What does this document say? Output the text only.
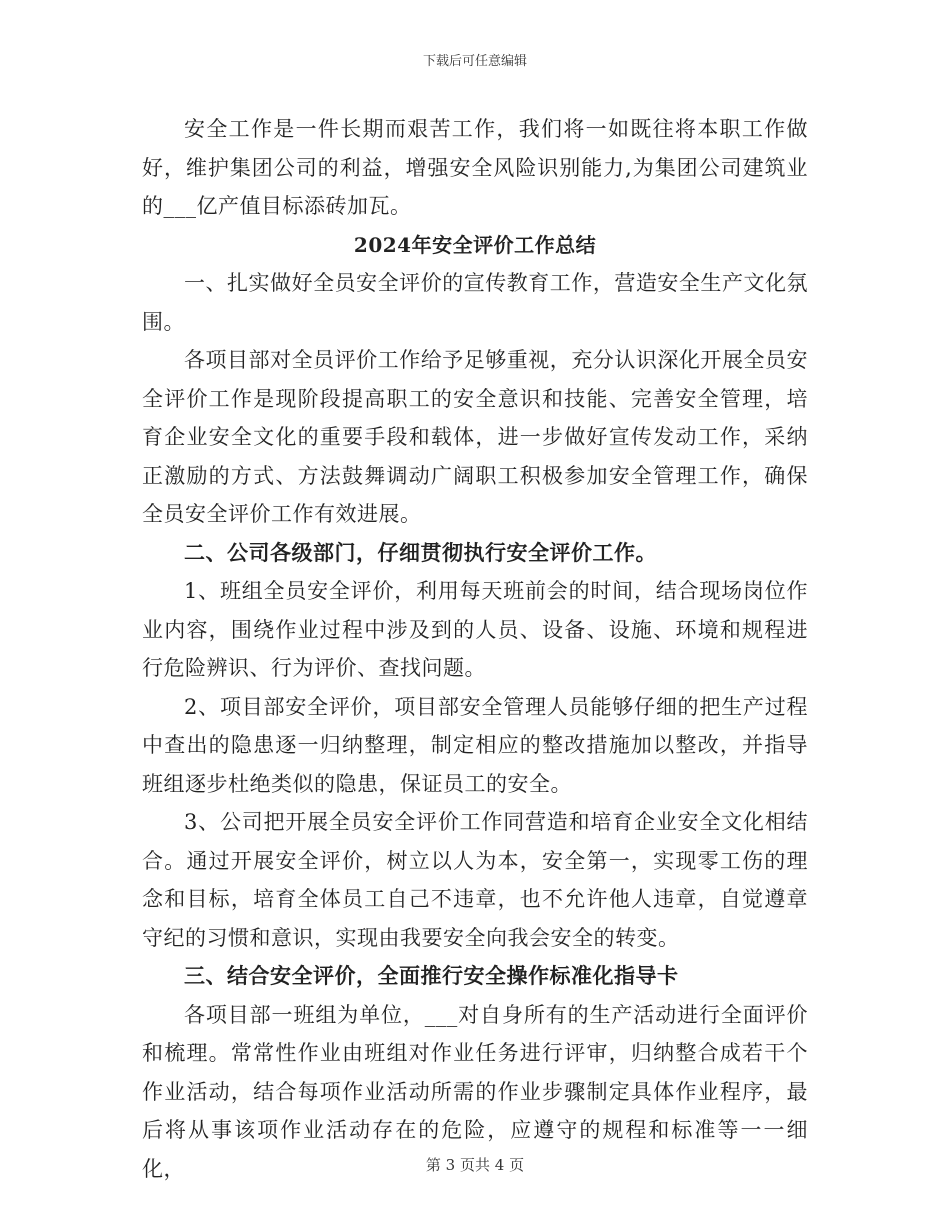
下载后可任意编辑

安全工作是一件长期而艰苦工作，我们将一如既往将本职工作做好，维护集团公司的利益，增强安全风险识别能力,为集团公司建筑业的___亿产值目标添砖加瓦。

2024年安全评价工作总结

一、扎实做好全员安全评价的宣传教育工作，营造安全生产文化氛围。

各项目部对全员评价工作给予足够重视，充分认识深化开展全员安全评价工作是现阶段提高职工的安全意识和技能、完善安全管理，培育企业安全文化的重要手段和载体，进一步做好宣传发动工作，采纳正激励的方式、方法鼓舞调动广阔职工积极参加安全管理工作，确保全员安全评价工作有效进展。

二、公司各级部门，仔细贯彻执行安全评价工作。

1、班组全员安全评价，利用每天班前会的时间，结合现场岗位作业内容，围绕作业过程中涉及到的人员、设备、设施、环境和规程进行危险辨识、行为评价、查找问题。

2、项目部安全评价，项目部安全管理人员能够仔细的把生产过程中查出的隐患逐一归纳整理，制定相应的整改措施加以整改，并指导班组逐步杜绝类似的隐患，保证员工的安全。

3、公司把开展全员安全评价工作同营造和培育企业安全文化相结合。通过开展安全评价，树立以人为本，安全第一，实现零工伤的理念和目标，培育全体员工自己不违章，也不允许他人违章，自觉遵章守纪的习惯和意识，实现由我要安全向我会安全的转变。

三、结合安全评价，全面推行安全操作标准化指导卡

各项目部一班组为单位，___对自身所有的生产活动进行全面评价和梳理。常常性作业由班组对作业任务进行评审，归纳整合成若干个作业活动，结合每项作业活动所需的作业步骤制定具体作业程序，最后将从事该项作业活动存在的危险，应遵守的规程和标准等一一细化，	第 3 页共 4 页
